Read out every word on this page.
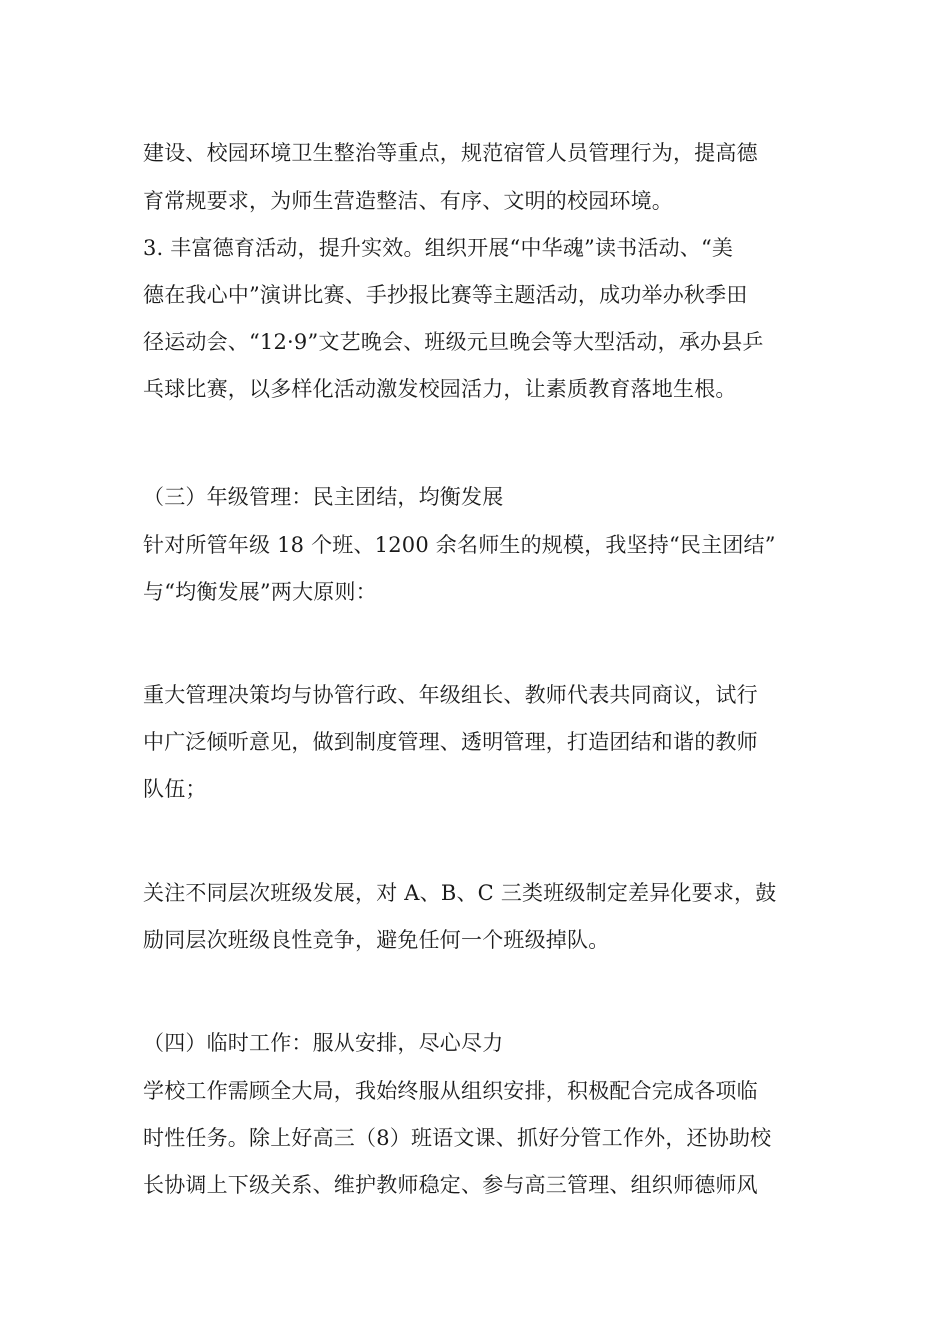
建设、校园环境卫生整治等重点，规范宿管人员管理行为，提高德
育常规要求，为师生营造整洁、有序、文明的校园环境。
3. 丰富德育活动，提升实效。组织开展“中华魂”读书活动、“美
德在我心中”演讲比赛、手抄报比赛等主题活动，成功举办秋季田
径运动会、“12·9”文艺晚会、班级元旦晚会等大型活动，承办县乒
乓球比赛，以多样化活动激发校园活力，让素质教育落地生根。
（三）年级管理：民主团结，均衡发展
针对所管年级 18 个班、1200 余名师生的规模，我坚持“民主团结”
与“均衡发展”两大原则：
重大管理决策均与协管行政、年级组长、教师代表共同商议，试行
中广泛倾听意见，做到制度管理、透明管理，打造团结和谐的教师
队伍；
关注不同层次班级发展，对 A、B、C 三类班级制定差异化要求，鼓
励同层次班级良性竞争，避免任何一个班级掉队。
（四）临时工作：服从安排，尽心尽力
学校工作需顾全大局，我始终服从组织安排，积极配合完成各项临
时性任务。除上好高三（8）班语文课、抓好分管工作外，还协助校
长协调上下级关系、维护教师稳定、参与高三管理、组织师德师风
